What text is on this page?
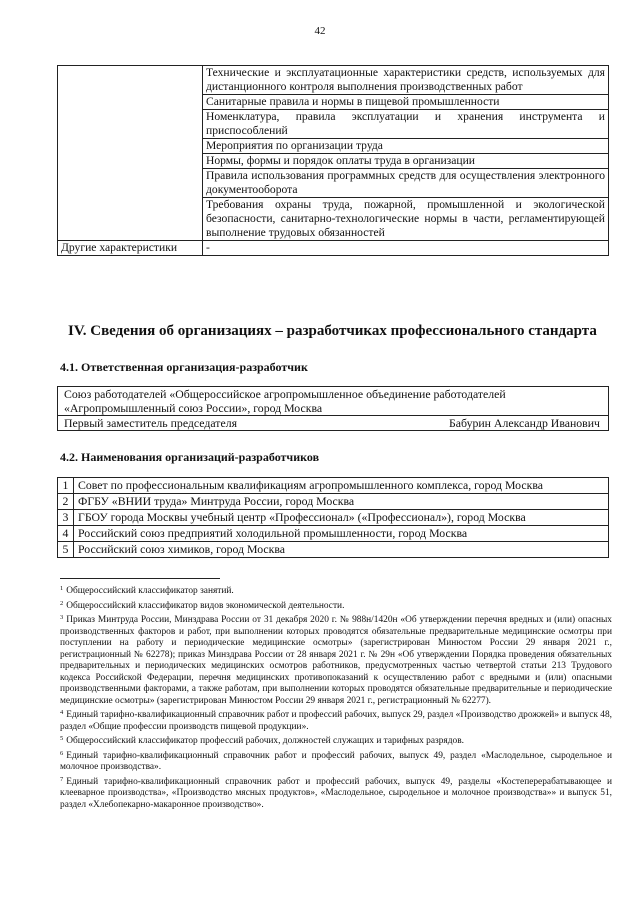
42
	Технические и эксплуатационные характеристики средств, используемых для дистанционного контроля выполнения производственных работ
	Санитарные правила и нормы в пищевой промышленности
	Номенклатура, правила эксплуатации и хранения инструмента и приспособлений
	Мероприятия по организации труда
	Нормы, формы и порядок оплаты труда в организации
	Правила использования программных средств для осуществления электронного документооборота
	Требования охраны труда, пожарной, промышленной и экологической безопасности, санитарно-технологические нормы в части, регламентирующей выполнение трудовых обязанностей
Другие характеристики	-
IV. Сведения об организациях – разработчиках профессионального стандарта
4.1. Ответственная организация-разработчик
Союз работодателей «Общероссийское агропромышленное объединение работодателей
«Агропромышленный союз России», город Москва

Первый заместитель председателя	Бабурин Александр Иванович
4.2. Наименования организаций-разработчиков
1	Совет по профессиональным квалификациям агропромышленного комплекса, город Москва
2	ФГБУ «ВНИИ труда» Минтруда России, город Москва
3	ГБОУ города Москвы учебный центр «Профессионал» («Профессионал»), город Москва
4	Российский союз предприятий холодильной промышленности, город Москва
5	Российский союз химиков, город Москва
$^1$ Общероссийский классификатор занятий.
$^2$ Общероссийский классификатор видов экономической деятельности.
$^3$ Приказ Минтруда России, Минздрава России от 31 декабря 2020 г. № 988н/1420н «Об утверждении перечня вредных и (или) опасных производственных факторов и работ, при выполнении которых проводятся обязательные предварительные медицинские осмотры при поступлении на работу и периодические медицинские осмотры» (зарегистрирован Минюстом России 29 января 2021 г., регистрационный № 62278); приказ Минздрава России от 28 января 2021 г. № 29н «Об утверждении Порядка проведения обязательных предварительных и периодических медицинских осмотров работников, предусмотренных частью четвертой статьи 213 Трудового кодекса Российской Федерации, перечня медицинских противопоказаний к осуществлению работ с вредными и (или) опасными производственными факторами, а также работам, при выполнении которых проводятся обязательные предварительные и периодические медицинские осмотры» (зарегистрирован Минюстом России 29 января 2021 г., регистрационный № 62277).
$^4$ Единый тарифно-квалификационный справочник работ и профессий рабочих, выпуск 29, раздел «Производство дрожжей» и выпуск 48, раздел «Общие профессии производств пищевой продукции».
$^5$ Общероссийский классификатор профессий рабочих, должностей служащих и тарифных разрядов.
$^6$ Единый тарифно-квалификационный справочник работ и профессий рабочих, выпуск 49, раздел «Маслодельное, сыродельное и молочное производства».
$^7$ Единый тарифно-квалификационный справочник работ и профессий рабочих, выпуск 49, разделы «Костеперерабатывающее и клееварное производства», «Производство мясных продуктов», «Маслодельное, сыродельное и молочное производства»» и выпуск 51, раздел «Хлебопекарно-макаронное производство».
